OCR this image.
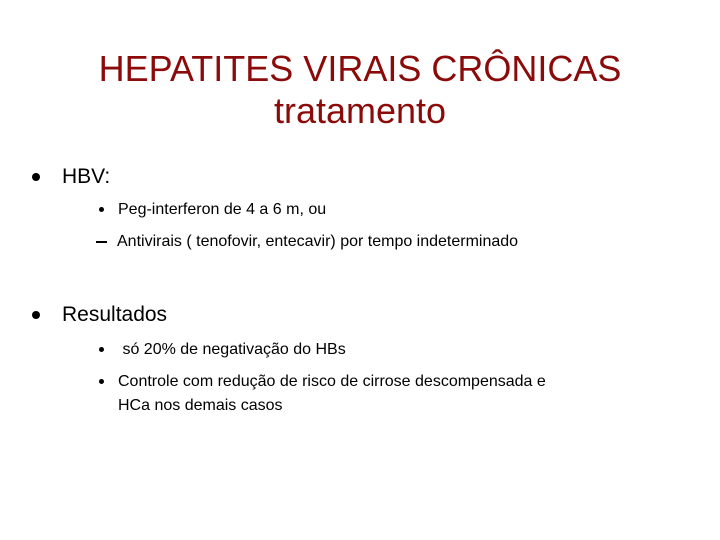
HEPATITES VIRAIS CRÔNICAS
tratamento
HBV:
Peg-interferon de 4 a 6 m, ou
Antivirais ( tenofovir, entecavir) por tempo indeterminado
Resultados
só 20% de negativação do HBs
Controle com redução de risco de cirrose descompensada e
HCa nos demais casos
